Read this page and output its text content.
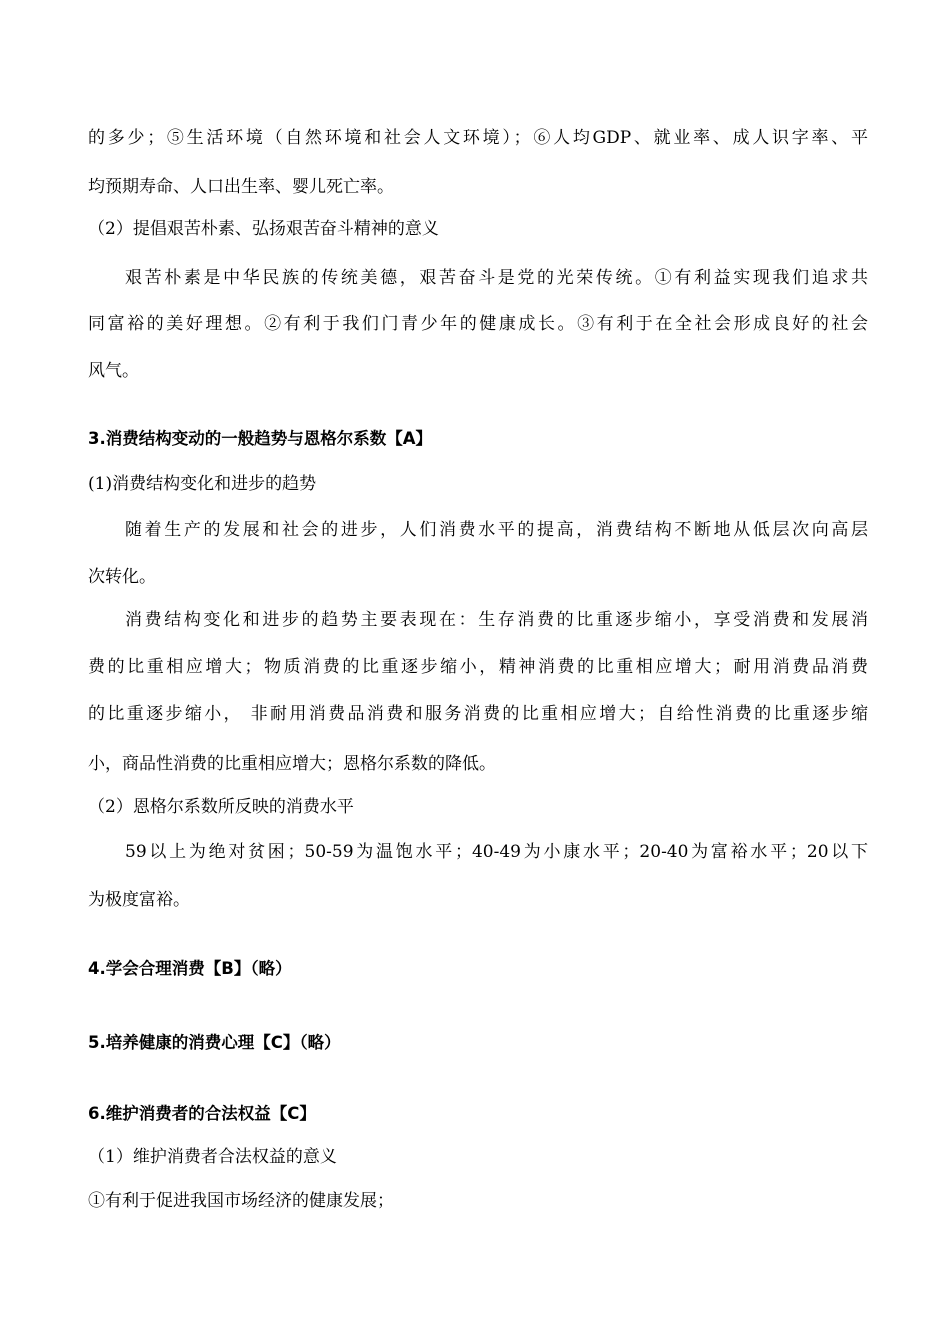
的多少；⑤生活环境（自然环境和社会人文环境）；⑥人均GDP、就业率、成人识字率、平
均预期寿命、人口出生率、婴儿死亡率。
（2）提倡艰苦朴素、弘扬艰苦奋斗精神的意义
艰苦朴素是中华民族的传统美德，艰苦奋斗是党的光荣传统。①有利益实现我们追求共
同富裕的美好理想。②有利于我们门青少年的健康成长。③有利于在全社会形成良好的社会
风气。
3.消费结构变动的一般趋势与恩格尔系数【A】
(1)消费结构变化和进步的趋势
随着生产的发展和社会的进步，人们消费水平的提高，消费结构不断地从低层次向高层
次转化。
消费结构变化和进步的趋势主要表现在：生存消费的比重逐步缩小，享受消费和发展消
费的比重相应增大；物质消费的比重逐步缩小，精神消费的比重相应增大；耐用消费品消费
的比重逐步缩小， 非耐用消费品消费和服务消费的比重相应增大；自给性消费的比重逐步缩
小，商品性消费的比重相应增大；恩格尔系数的降低。
（2）恩格尔系数所反映的消费水平
59以上为绝对贫困；50-59为温饱水平；40-49为小康水平；20-40为富裕水平；20以下
为极度富裕。
4.学会合理消费【B】（略）
5.培养健康的消费心理【C】（略）
6.维护消费者的合法权益【C】
（1）维护消费者合法权益的意义
①有利于促进我国市场经济的健康发展；
